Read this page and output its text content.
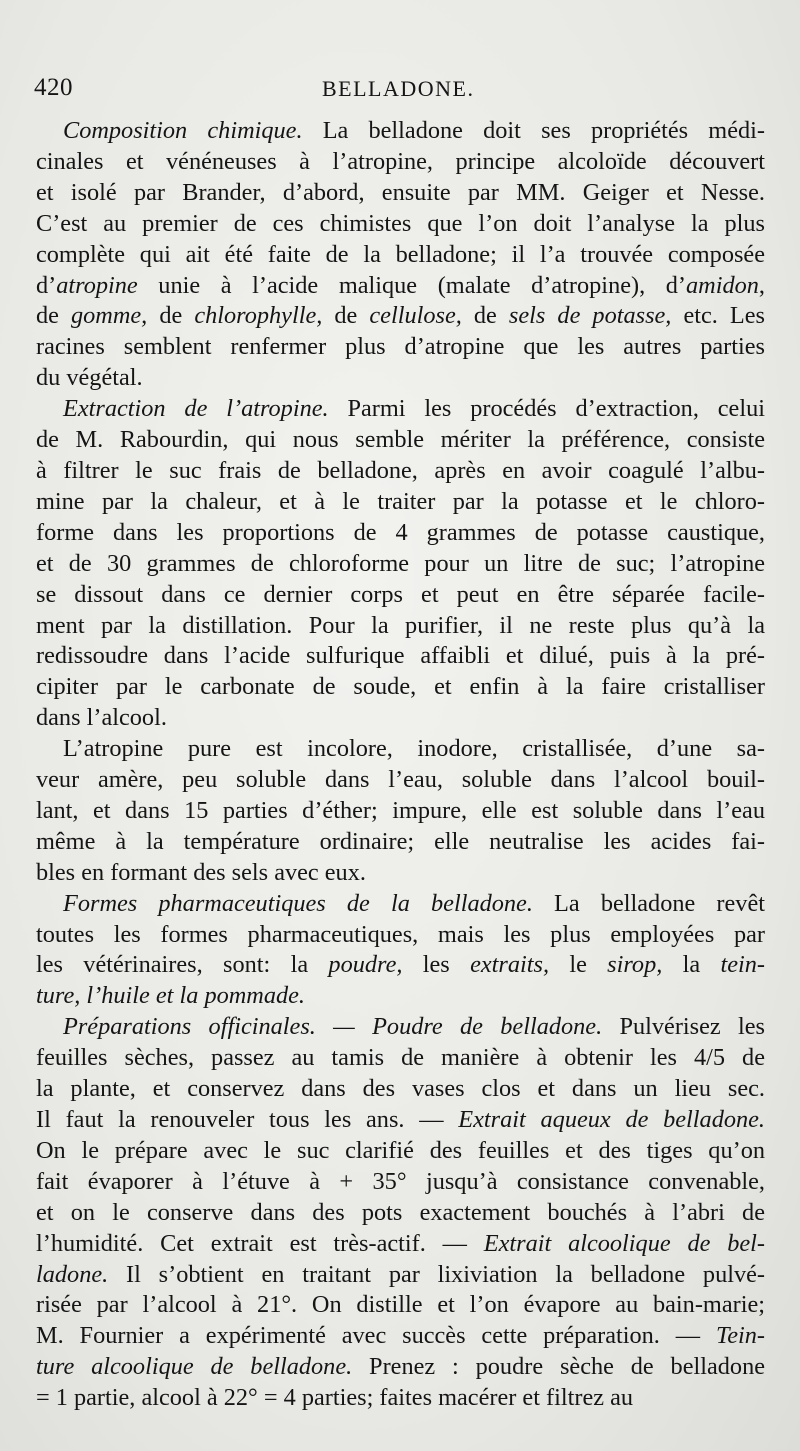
420	BELLADONE.
Composition chimique. La belladone doit ses propriétés médi-
cinales et vénéneuses à l’atropine, principe alcoloïde découvert
et isolé par Brander, d’abord, ensuite par MM. Geiger et Nesse.
C’est au premier de ces chimistes que l’on doit l’analyse la plus
complète qui ait été faite de la belladone; il l’a trouvée composée
d’atropine unie à l’acide malique (malate d’atropine), d’amidon,
de gomme, de chlorophylle, de cellulose, de sels de potasse, etc. Les
racines semblent renfermer plus d’atropine que les autres parties
du végétal.
Extraction de l’atropine. Parmi les procédés d’extraction, celui
de M. Rabourdin, qui nous semble mériter la préférence, consiste
à filtrer le suc frais de belladone, après en avoir coagulé l’albu-
mine par la chaleur, et à le traiter par la potasse et le chloro-
forme dans les proportions de 4 grammes de potasse caustique,
et de 30 grammes de chloroforme pour un litre de suc; l’atropine
se dissout dans ce dernier corps et peut en être séparée facile-
ment par la distillation. Pour la purifier, il ne reste plus qu’à la
redissoudre dans l’acide sulfurique affaibli et dilué, puis à la pré-
cipiter par le carbonate de soude, et enfin à la faire cristalliser
dans l’alcool.
L’atropine pure est incolore, inodore, cristallisée, d’une sa-
veur amère, peu soluble dans l’eau, soluble dans l’alcool bouil-
lant, et dans 15 parties d’éther; impure, elle est soluble dans l’eau
même à la température ordinaire; elle neutralise les acides fai-
bles en formant des sels avec eux.
Formes pharmaceutiques de la belladone. La belladone revêt
toutes les formes pharmaceutiques, mais les plus employées par
les vétérinaires, sont: la poudre, les extraits, le sirop, la tein-
ture, l’huile et la pommade.
Préparations officinales. — Poudre de belladone. Pulvérisez les
feuilles sèches, passez au tamis de manière à obtenir les 4/5 de
la plante, et conservez dans des vases clos et dans un lieu sec.
Il faut la renouveler tous les ans. — Extrait aqueux de belladone.
On le prépare avec le suc clarifié des feuilles et des tiges qu’on
fait évaporer à l’étuve à + 35° jusqu’à consistance convenable,
et on le conserve dans des pots exactement bouchés à l’abri de
l’humidité. Cet extrait est très-actif. — Extrait alcoolique de bel-
ladone. Il s’obtient en traitant par lixiviation la belladone pulvé-
risée par l’alcool à 21°. On distille et l’on évapore au bain-marie;
M. Fournier a expérimenté avec succès cette préparation. — Tein-
ture alcoolique de belladone. Prenez : poudre sèche de belladone
= 1 partie, alcool à 22° = 4 parties; faites macérer et filtrez au
